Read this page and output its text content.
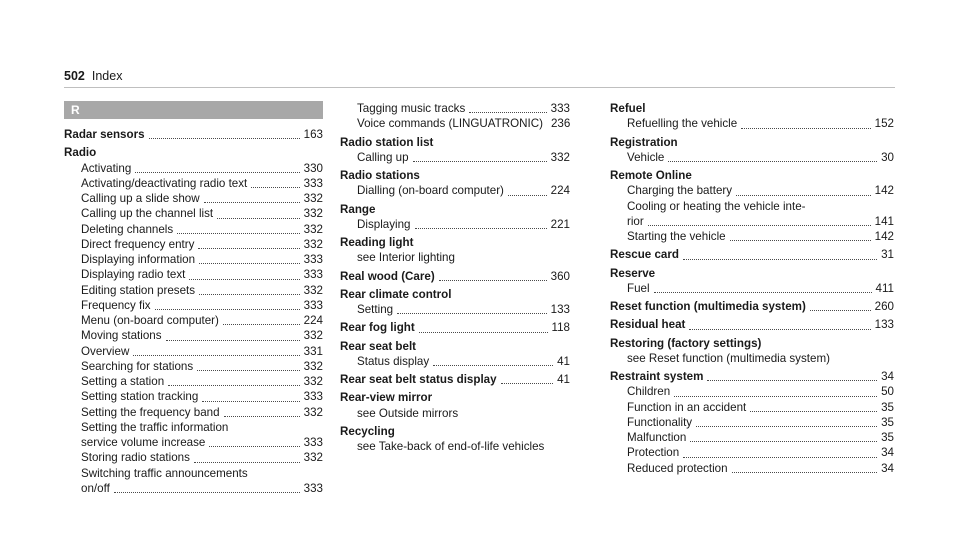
502 Index
R
Radar sensors	163
Radio
Activating	330
Activating/deactivating radio text	333
Calling up a slide show	332
Calling up the channel list	332
Deleting channels	332
Direct frequency entry	332
Displaying information	333
Displaying radio text	333
Editing station presets	332
Frequency fix	333
Menu (on-board computer)	224
Moving stations	332
Overview	331
Searching for stations	332
Setting a station	332
Setting station tracking	333
Setting the frequency band	332
Setting the traffic information
service volume increase	333
Storing radio stations	332
Switching traffic announcements
on/off	333
Tagging music tracks	333
Voice commands (LINGUATRONIC) 236
Radio station list
Calling up	332
Radio stations
Dialling (on-board computer)	224
Range
Displaying	221
Reading light
see Interior lighting
Real wood (Care)	360
Rear climate control
Setting	133
Rear fog light	118
Rear seat belt
Status display	41
Rear seat belt status display	41
Rear-view mirror
see Outside mirrors
Recycling
see Take-back of end-of-life vehicles
Refuel
Refuelling the vehicle	152
Registration
Vehicle	30
Remote Online
Charging the battery	142
Cooling or heating the vehicle inte-
rior	141
Starting the vehicle	142
Rescue card	31
Reserve
Fuel	411
Reset function (multimedia system)	260
Residual heat	133
Restoring (factory settings)
see Reset function (multimedia system)
Restraint system	34
Children	50
Function in an accident	35
Functionality	35
Malfunction	35
Protection	34
Reduced protection	34
